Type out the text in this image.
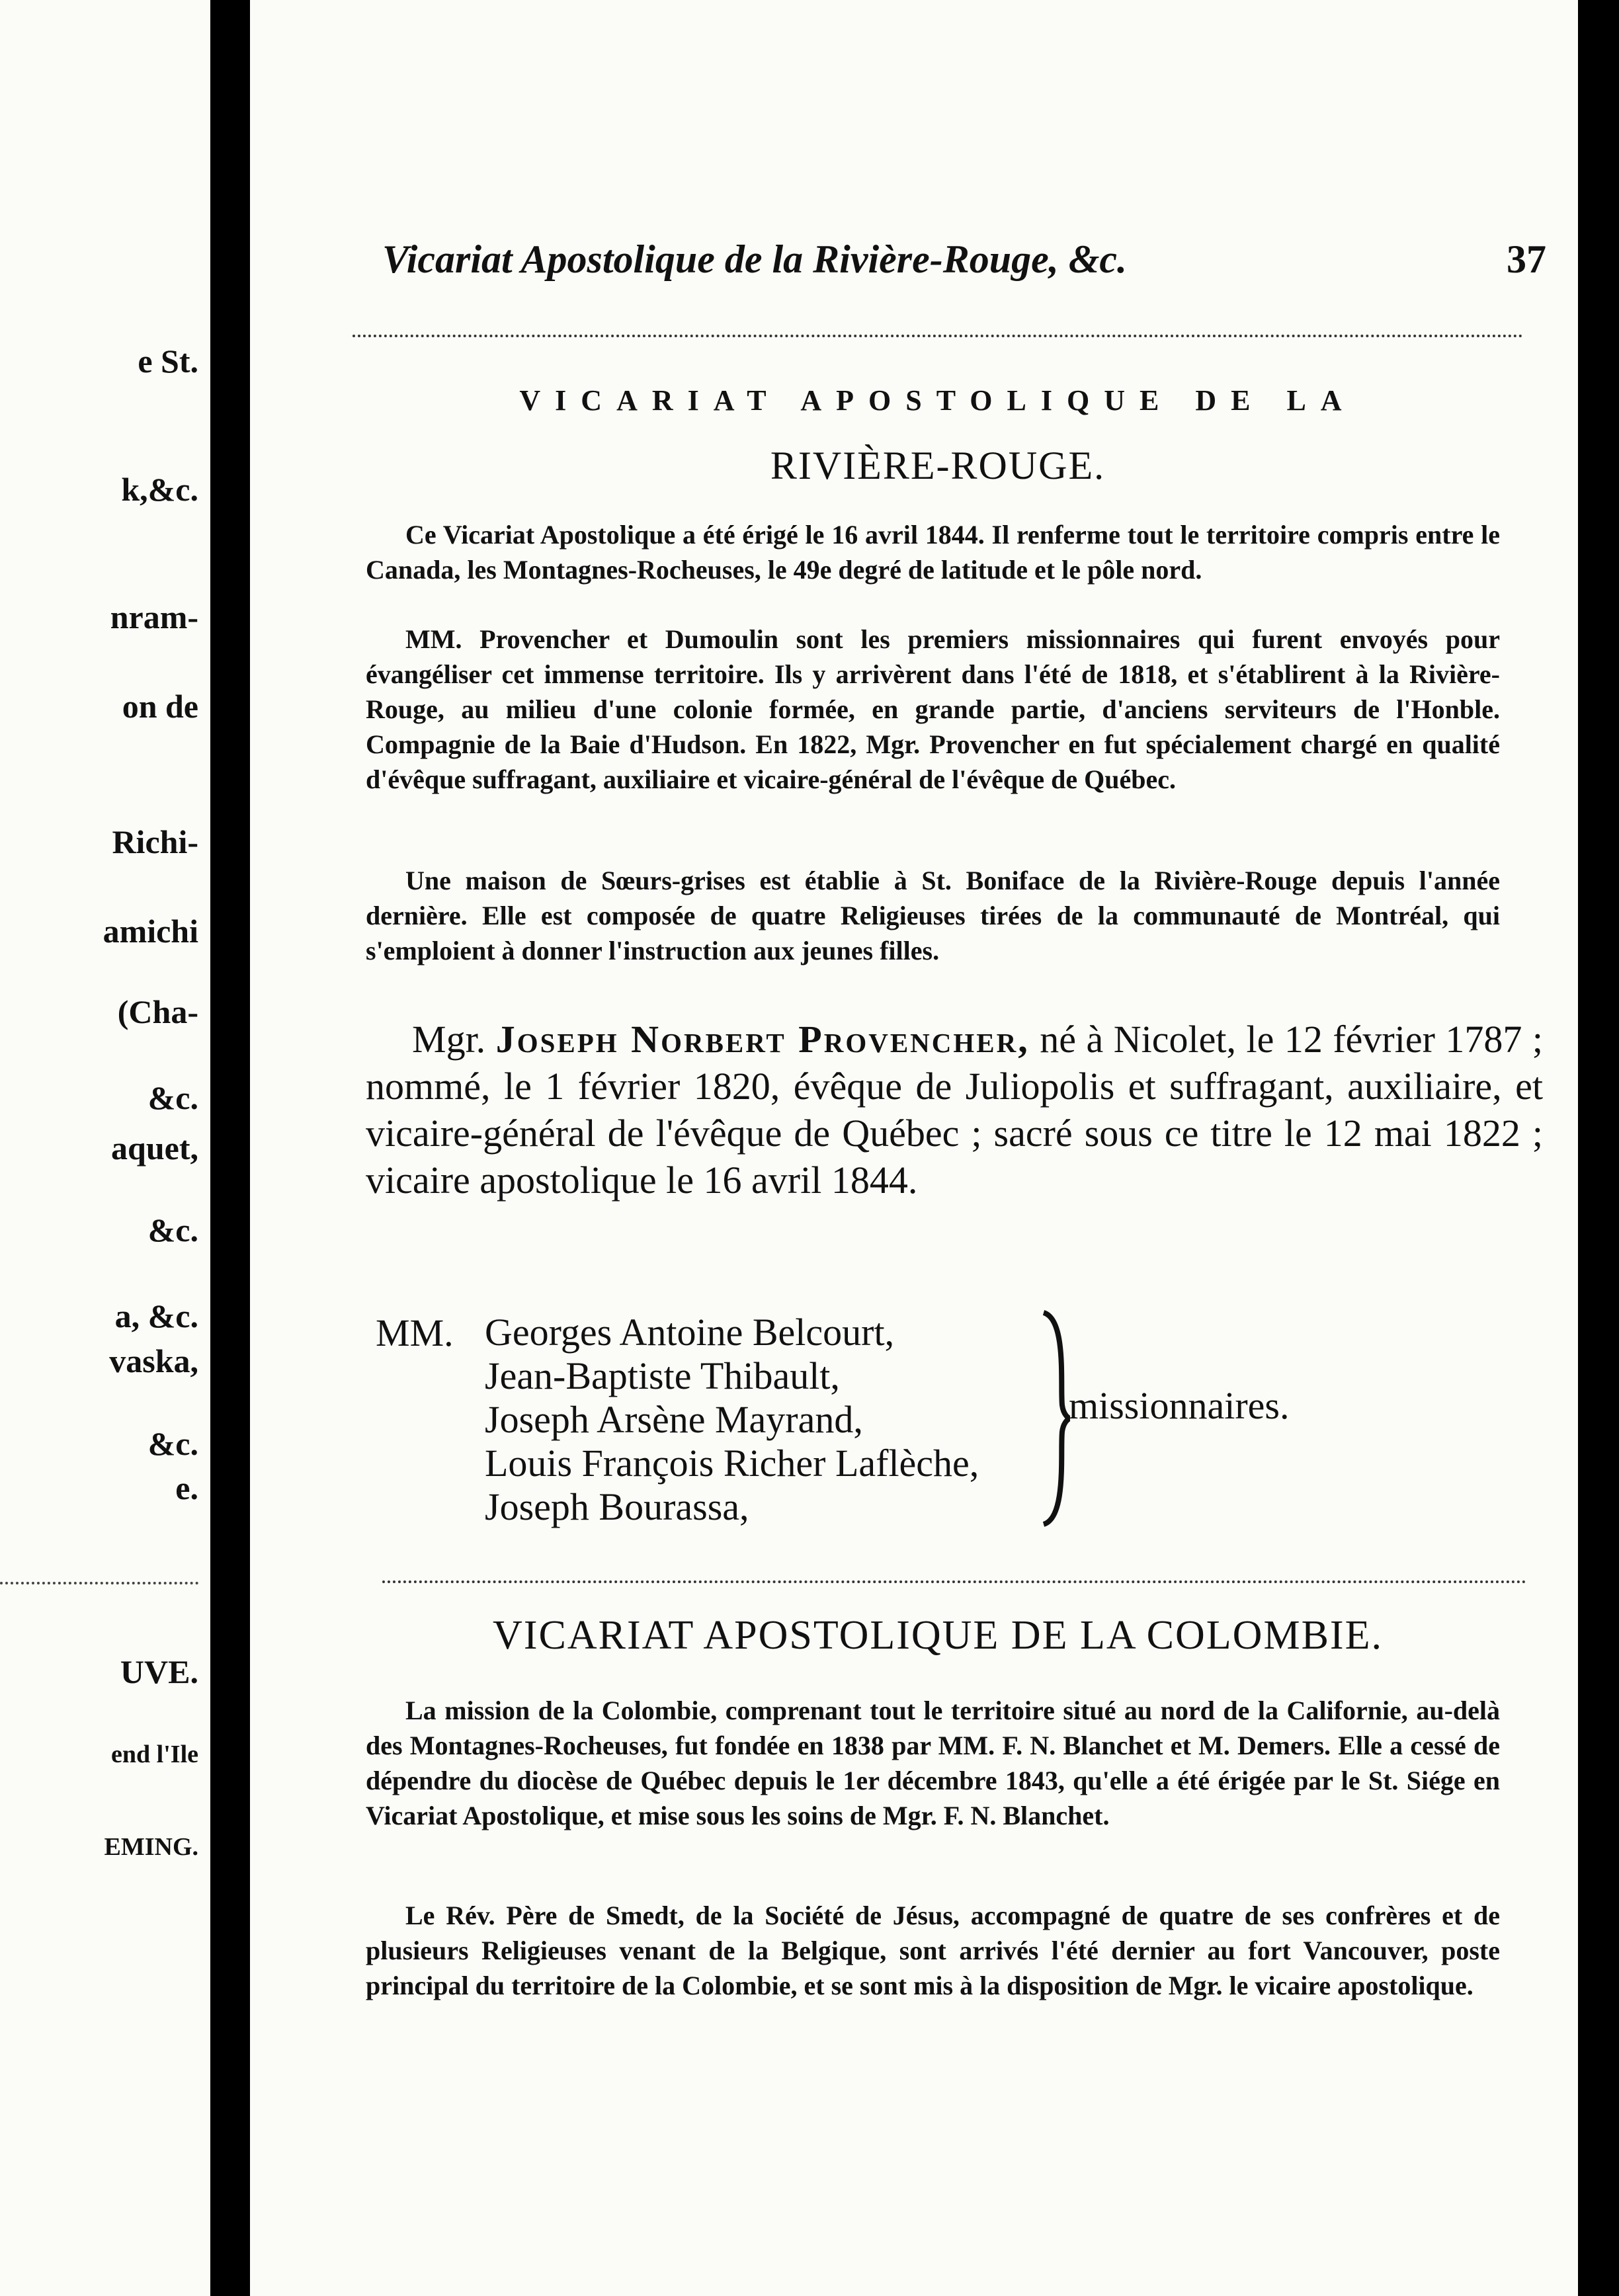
e St.
k,&c.
nram-
on de
Richi-
amichi
(Cha-
&c.
aquet,
&c.
a, &c.
vaska,
&c.
e.
UVE.
end l'Ile
EMING.
Vicariat Apostolique de la Rivière-Rouge, &c.	37
VICARIAT APOSTOLIQUE DE LA
RIVIÈRE-ROUGE.

Ce Vicariat Apostolique a été érigé le 16 avril 1844. Il renferme tout le territoire compris entre le Canada, les Montagnes-Rocheuses, le 49e degré de latitude et le pôle nord.

MM. Provencher et Dumoulin sont les premiers missionnaires qui furent envoyés pour évangéliser cet immense territoire. Ils y arrivèrent dans l'été de 1818, et s'établirent à la Rivière-Rouge, au milieu d'une colonie formée, en grande partie, d'anciens serviteurs de l'Honble. Compagnie de la Baie d'Hudson. En 1822, Mgr. Provencher en fut spécialement chargé en qualité d'évêque suffragant, auxiliaire et vicaire-général de l'évêque de Québec.

Une maison de Sœurs-grises est établie à St. Boniface de la Rivière-Rouge depuis l'année dernière. Elle est composée de quatre Religieuses tirées de la communauté de Montréal, qui s'emploient à donner l'instruction aux jeunes filles.

Mgr. Joseph Norbert Provencher, né à Nicolet, le 12 février 1787 ; nommé, le 1 février 1820, évêque de Juliopolis et suffragant, auxiliaire, et vicaire-général de l'évêque de Québec ; sacré sous ce titre le 12 mai 1822 ; vicaire apostolique le 16 avril 1844.

MM. Georges Antoine Belcourt,
Jean-Baptiste Thibault,
Joseph Arsène Mayrand,
Louis François Richer Laflèche,
Joseph Bourassa,
missionnaires.
VICARIAT APOSTOLIQUE DE LA COLOMBIE.

La mission de la Colombie, comprenant tout le territoire situé au nord de la Californie, au-delà des Montagnes-Rocheuses, fut fondée en 1838 par MM. F. N. Blanchet et M. Demers. Elle a cessé de dépendre du diocèse de Québec depuis le 1er décembre 1843, qu'elle a été érigée par le St. Siége en Vicariat Apostolique, et mise sous les soins de Mgr. F. N. Blanchet.

Le Rév. Père de Smedt, de la Société de Jésus, accompagné de quatre de ses confrères et de plusieurs Religieuses venant de la Belgique, sont arrivés l'été dernier au fort Vancouver, poste principal du territoire de la Colombie, et se sont mis à la disposition de Mgr. le vicaire apostolique.
